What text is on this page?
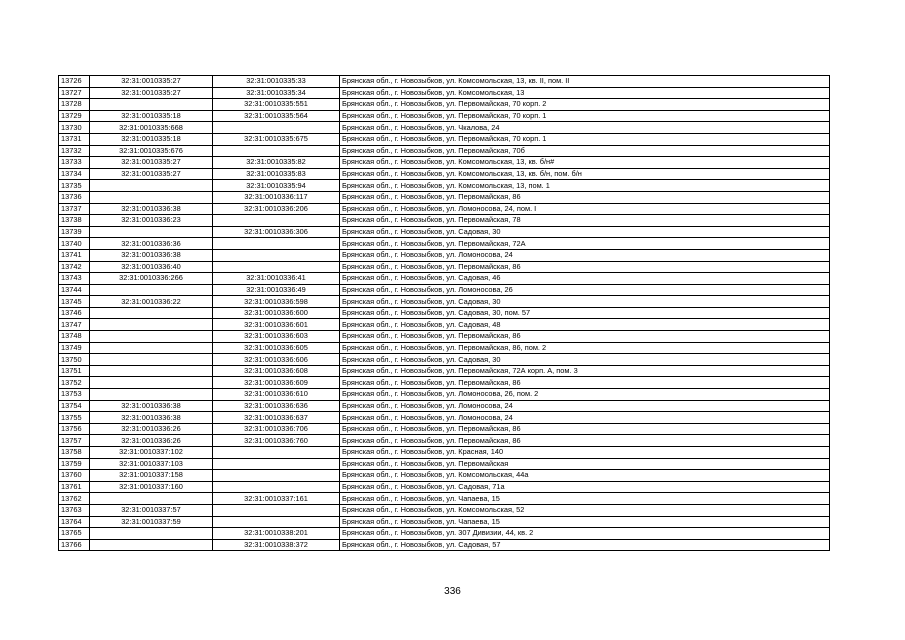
13726	32:31:0010335:27	32:31:0010335:33	Брянская обл., г. Новозыбков, ул. Комсомольская, 13, кв. II, пом. II
13727	32:31:0010335:27	32:31:0010335:34	Брянская обл., г. Новозыбков, ул. Комсомольская, 13
13728		32:31:0010335:551	Брянская обл., г. Новозыбков, ул. Первомайская, 70 корп. 2
13729	32:31:0010335:18	32:31:0010335:564	Брянская обл., г. Новозыбков, ул. Первомайская, 70 корп. 1
13730	32:31:0010335:668		Брянская обл., г. Новозыбков, ул. Чкалова, 24
13731	32:31:0010335:18	32:31:0010335:675	Брянская обл., г. Новозыбков, ул. Первомайская, 70 корп. 1
13732	32:31:0010335:676		Брянская обл., г. Новозыбков, ул. Первомайская, 70б
13733	32:31:0010335:27	32:31:0010335:82	Брянская обл., г. Новозыбков, ул. Комсомольская, 13, кв. б/н#
13734	32:31:0010335:27	32:31:0010335:83	Брянская обл., г. Новозыбков, ул. Комсомольская, 13, кв. б/н, пом. б/н
13735		32:31:0010335:94	Брянская обл., г. Новозыбков, ул. Комсомольская, 13, пом. 1
13736		32:31:0010336:117	Брянская обл., г. Новозыбков, ул. Первомайская, 86
13737	32:31:0010336:38	32:31:0010336:206	Брянская обл., г. Новозыбков, ул. Ломоносова, 24, пом. I
13738	32:31:0010336:23		Брянская обл., г. Новозыбков, ул. Первомайская, 78
13739		32:31:0010336:306	Брянская обл., г. Новозыбков, ул. Садовая, 30
13740	32:31:0010336:36		Брянская обл., г. Новозыбков, ул. Первомайская, 72А
13741	32:31:0010336:38		Брянская обл., г. Новозыбков, ул. Ломоносова, 24
13742	32:31:0010336:40		Брянская обл., г. Новозыбков, ул. Первомайская, 86
13743	32:31:0010336:266	32:31:0010336:41	Брянская обл., г. Новозыбков, ул. Садовая, 46
13744		32:31:0010336:49	Брянская обл., г. Новозыбков, ул. Ломоносова, 26
13745	32:31:0010336:22	32:31:0010336:598	Брянская обл., г. Новозыбков, ул. Садовая, 30
13746		32:31:0010336:600	Брянская обл., г. Новозыбков, ул. Садовая, 30, пом. 57
13747		32:31:0010336:601	Брянская обл., г. Новозыбков, ул. Садовая, 48
13748		32:31:0010336:603	Брянская обл., г. Новозыбков, ул. Первомайская, 86
13749		32:31:0010336:605	Брянская обл., г. Новозыбков, ул. Первомайская, 86, пом. 2
13750		32:31:0010336:606	Брянская обл., г. Новозыбков, ул. Садовая, 30
13751		32:31:0010336:608	Брянская обл., г. Новозыбков, ул. Первомайская, 72А корп. А, пом. 3
13752		32:31:0010336:609	Брянская обл., г. Новозыбков, ул. Первомайская, 86
13753		32:31:0010336:610	Брянская обл., г. Новозыбков, ул. Ломоносова, 26, пом. 2
13754	32:31:0010336:38	32:31:0010336:636	Брянская обл., г. Новозыбков, ул. Ломоносова, 24
13755	32:31:0010336:38	32:31:0010336:637	Брянская обл., г. Новозыбков, ул. Ломоносова, 24
13756	32:31:0010336:26	32:31:0010336:706	Брянская обл., г. Новозыбков, ул. Первомайская, 86
13757	32:31:0010336:26	32:31:0010336:760	Брянская обл., г. Новозыбков, ул. Первомайская, 86
13758	32:31:0010337:102		Брянская обл., г. Новозыбков, ул. Красная, 140
13759	32:31:0010337:103		Брянская обл., г. Новозыбков, ул. Первомайская
13760	32:31:0010337:158		Брянская обл., г. Новозыбков, ул. Комсомольская, 44а
13761	32:31:0010337:160		Брянская обл., г. Новозыбков, ул. Садовая, 71а
13762		32:31:0010337:161	Брянская обл., г. Новозыбков, ул. Чапаева, 15
13763	32:31:0010337:57		Брянская обл., г. Новозыбков, ул. Комсомольская, 52
13764	32:31:0010337:59		Брянская обл., г. Новозыбков, ул. Чапаева, 15
13765		32:31:0010338:201	Брянская обл., г. Новозыбков, ул. 307 Дивизии, 44, кв. 2
13766		32:31:0010338:372	Брянская обл., г. Новозыбков, ул. Садовая, 57
336
